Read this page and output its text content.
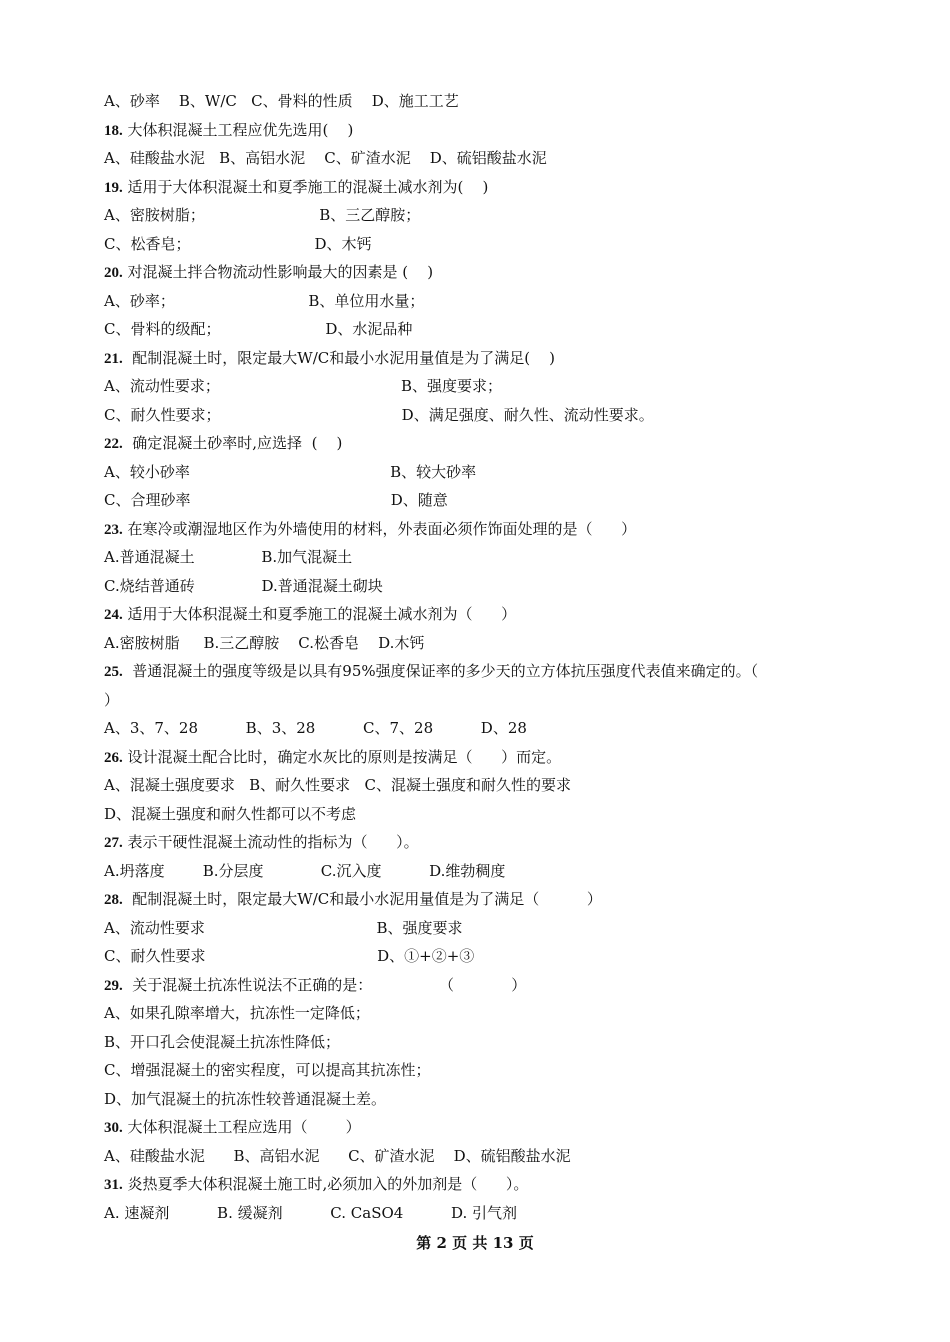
A、砂率    B、W/C   C、骨料的性质    D、施工工艺
18. 大体积混凝土工程应优先选用(    )
A、硅酸盐水泥   B、高铝水泥    C、矿渣水泥    D、硫铝酸盐水泥
19. 适用于大体积混凝土和夏季施工的混凝土减水剂为(    )
A、密胺树脂；                        B、三乙醇胺；
C、松香皂；                          D、木钙
20. 对混凝土拌合物流动性影响最大的因素是 (    )
A、砂率；                            B、单位用水量；
C、骨料的级配；                      D、水泥品种
21.  配制混凝土时，限定最大W/C和最小水泥用量值是为了满足(    )
A、流动性要求；                                      B、强度要求；
C、耐久性要求；                                      D、满足强度、耐久性、流动性要求。
22.  确定混凝土砂率时,应选择  (    )
A、较小砂率                                          B、较大砂率
C、合理砂率                                          D、随意
23. 在寒冷或潮湿地区作为外墙使用的材料，外表面必须作饰面处理的是（      ）
A.普通混凝土              B.加气混凝土
C.烧结普通砖              D.普通混凝土砌块
24. 适用于大体积混凝土和夏季施工的混凝土减水剂为（      ）
A.密胺树脂     B.三乙醇胺    C.松香皂    D.木钙
25.  普通混凝土的强度等级是以具有95%强度保证率的多少天的立方体抗压强度代表值来确定的。（
）
A、3、7、28          B、3、28          C、7、28          D、28
26. 设计混凝土配合比时，确定水灰比的原则是按满足（      ）而定。
A、混凝土强度要求   B、耐久性要求   C、混凝土强度和耐久性的要求
D、混凝土强度和耐久性都可以不考虑
27. 表示干硬性混凝土流动性的指标为（      ）。
A.坍落度        B.分层度            C.沉入度          D.维勃稠度
28.  配制混凝土时，限定最大W/C和最小水泥用量值是为了满足（          ）
A、流动性要求                                    B、强度要求
C、耐久性要求                                    D、①+②+③
29.  关于混凝土抗冻性说法不正确的是：              （            ）
A、如果孔隙率增大，抗冻性一定降低；
B、开口孔会使混凝土抗冻性降低；
C、增强混凝土的密实程度，可以提高其抗冻性；
D、加气混凝土的抗冻性较普通混凝土差。
30. 大体积混凝土工程应选用（        ）
A、硅酸盐水泥      B、高铝水泥      C、矿渣水泥    D、硫铝酸盐水泥
31. 炎热夏季大体积混凝土施工时,必须加入的外加剂是（      ）。
A. 速凝剂          B. 缓凝剂          C. CaSO4          D. 引气剂
第 2 页 共 13 页
